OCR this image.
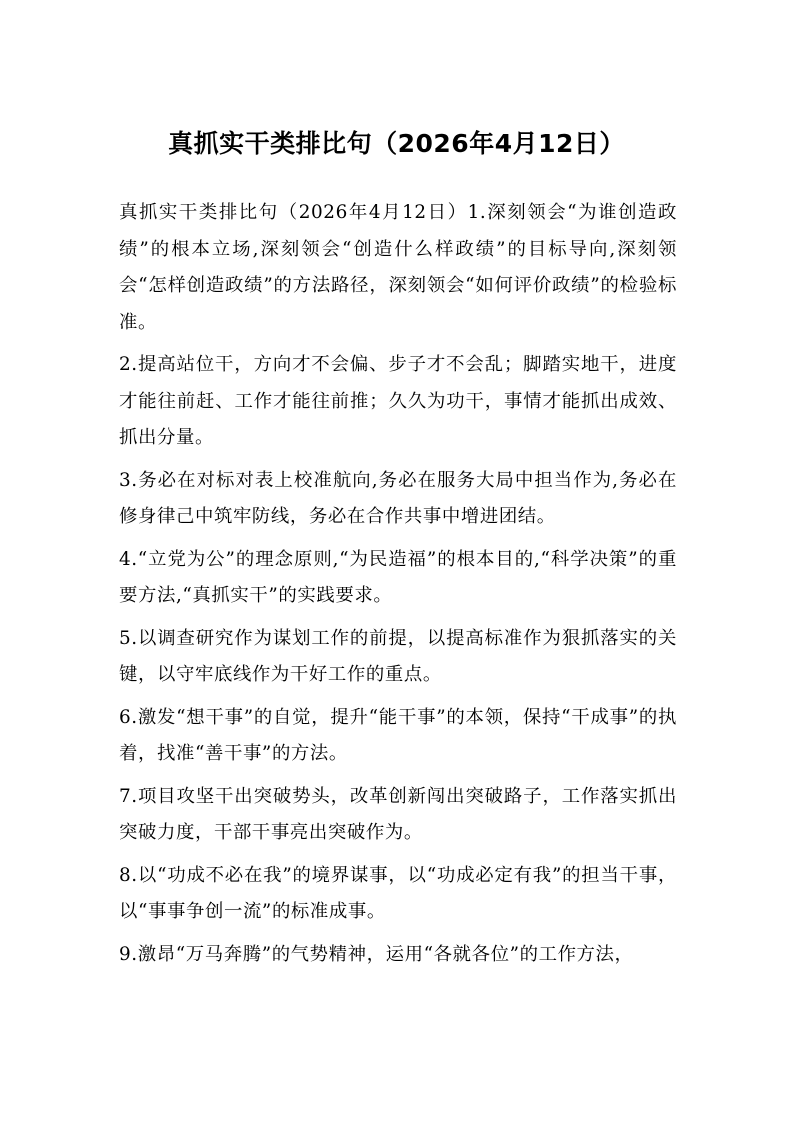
真抓实干类排比句（2026年4月12日）

真抓实干类排比句（2026年4月12日）1.深刻领会“为谁创造政绩”的根本立场,深刻领会“创造什么样政绩”的目标导向,深刻领会“怎样创造政绩”的方法路径，深刻领会“如何评价政绩”的检验标准。

2.提高站位干，方向才不会偏、步子才不会乱；脚踏实地干，进度才能往前赶、工作才能往前推；久久为功干，事情才能抓出成效、抓出分量。

3.务必在对标对表上校准航向,务必在服务大局中担当作为,务必在修身律己中筑牢防线，务必在合作共事中增进团结。

4.“立党为公”的理念原则,“为民造福”的根本目的,“科学决策”的重要方法,“真抓实干”的实践要求。

5.以调查研究作为谋划工作的前提，以提高标准作为狠抓落实的关键，以守牢底线作为干好工作的重点。

6.激发“想干事”的自觉，提升“能干事”的本领，保持“干成事”的执着，找准“善干事”的方法。

7.项目攻坚干出突破势头，改革创新闯出突破路子，工作落实抓出突破力度，干部干事亮出突破作为。

8.以“功成不必在我”的境界谋事，以“功成必定有我”的担当干事，以“事事争创一流”的标准成事。

9.激昂“万马奔腾”的气势精神，运用“各就各位”的工作方法，
